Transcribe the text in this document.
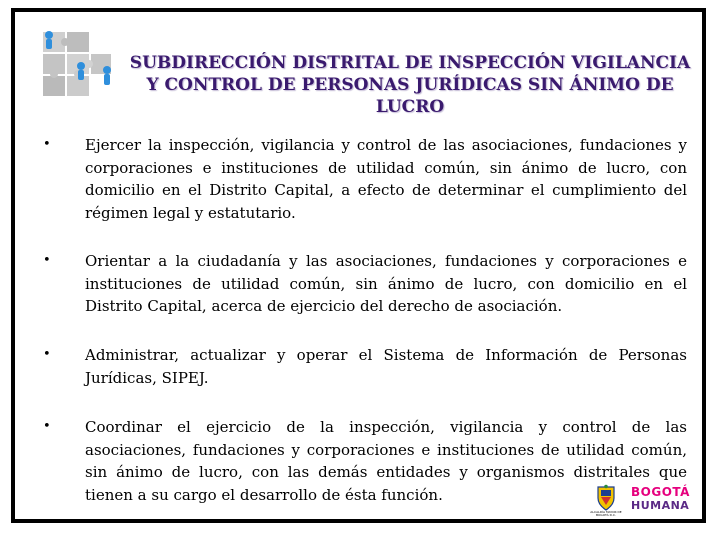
SUBDIRECCIÓN DISTRITAL DE INSPECCIÓN VIGILANCIA Y CONTROL DE PERSONAS JURÍDICAS SIN ÁNIMO DE LUCRO
• Ejercer la inspección, vigilancia y control de las asociaciones, fundaciones y corporaciones e instituciones de utilidad común, sin ánimo de lucro, con domicilio en el Distrito Capital, a efecto de determinar el cumplimiento del régimen legal y estatutario.

• Orientar a la ciudadanía y las asociaciones, fundaciones y corporaciones e instituciones de utilidad común, sin ánimo de lucro, con domicilio en el Distrito Capital, acerca de ejercicio del derecho de asociación.

• Administrar, actualizar y operar el Sistema de Información de Personas Jurídicas, SIPEJ.

• Coordinar el ejercicio de la inspección, vigilancia y control de las asociaciones, fundaciones y corporaciones e instituciones de utilidad común, sin ánimo de lucro, con las demás entidades y organismos distritales que tienen a su cargo el desarrollo de ésta función.

ALCALDÍA MAYOR DE BOGOTÁ D.C.
BOGOTÁ
HUMANA
